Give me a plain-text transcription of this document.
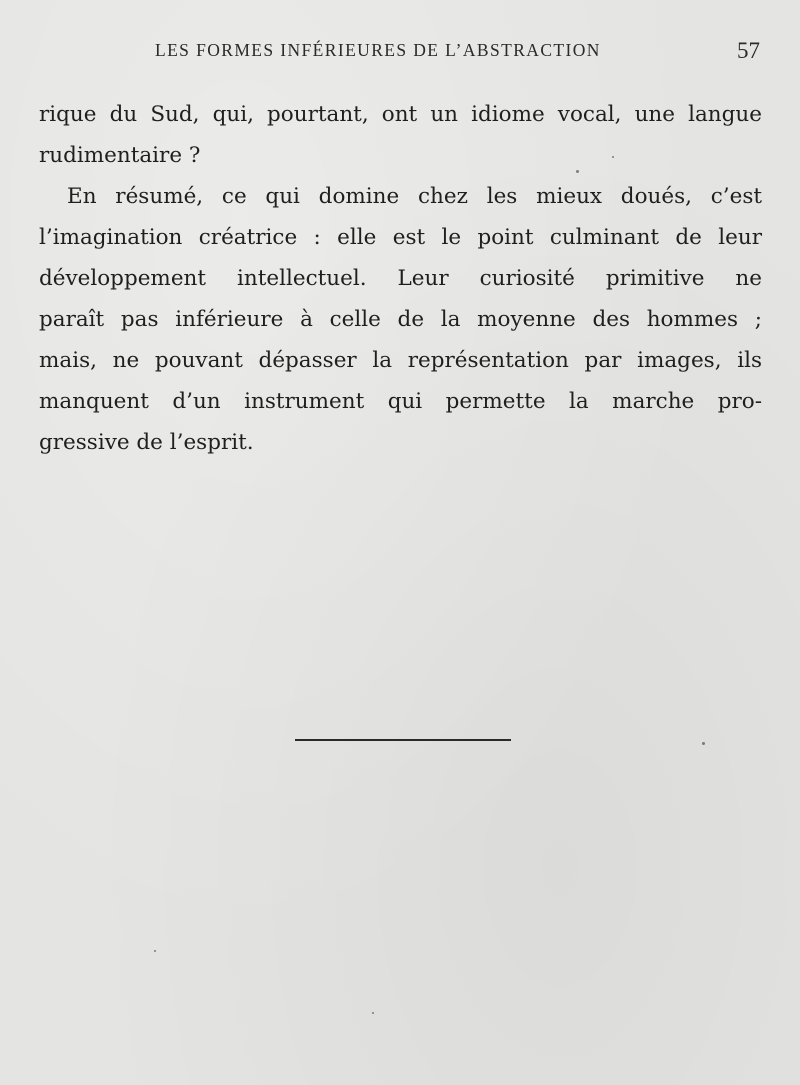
LES FORMES INFÉRIEURES DE L’ABSTRACTION	57
rique du Sud, qui, pourtant, ont un idiome vocal, une langue
rudimentaire ?
En résumé, ce qui domine chez les mieux doués, c’est
l’imagination créatrice : elle est le point culminant de leur
développement intellectuel. Leur curiosité primitive ne
paraît pas inférieure à celle de la moyenne des hommes ;
mais, ne pouvant dépasser la représentation par images, ils
manquent d’un instrument qui permette la marche pro-
gressive de l’esprit.
